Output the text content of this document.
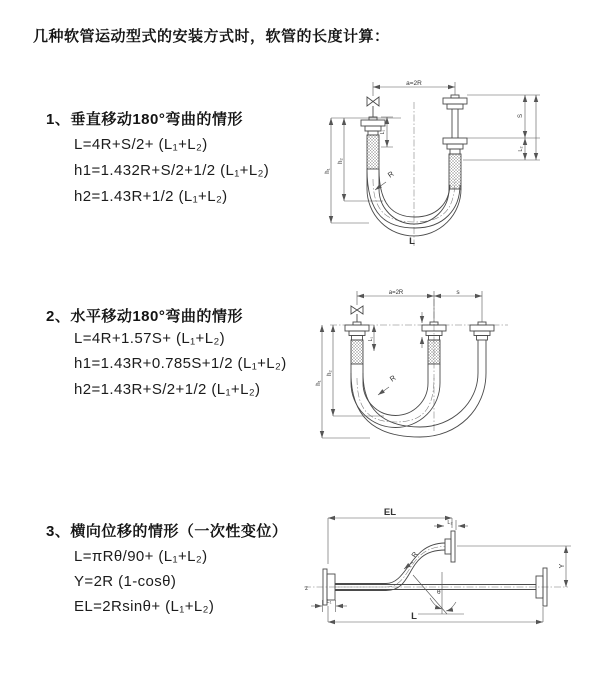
几种软管运动型式的安装方式时，软管的长度计算：
1、垂直移动180°弯曲的情形
L=4R+S/2+ (L₁+L₂)
h1=1.432R+S/2+1/2 (L₁+L₂)
h2=1.43R+1/2 (L₁+L₂)
2、水平移动180°弯曲的情形
L=4R+1.57S+ (L₁+L₂)
h1=1.43R+0.785S+1/2 (L₁+L₂)
h2=1.43R+S/2+1/2 (L₁+L₂)
3、横向位移的情形（一次性变位）
L=πRθ/90+ (L₁+L₂)
Y=2R (1-cosθ)
EL=2Rsinθ+ (L₁+L₂)
a=2R
S
L₂
L₁
h₁
h₂
R
L
a=2R	s
h₁
h₂
L₁
R
EL
L₂
Y
L
L₁
R
θ
z
